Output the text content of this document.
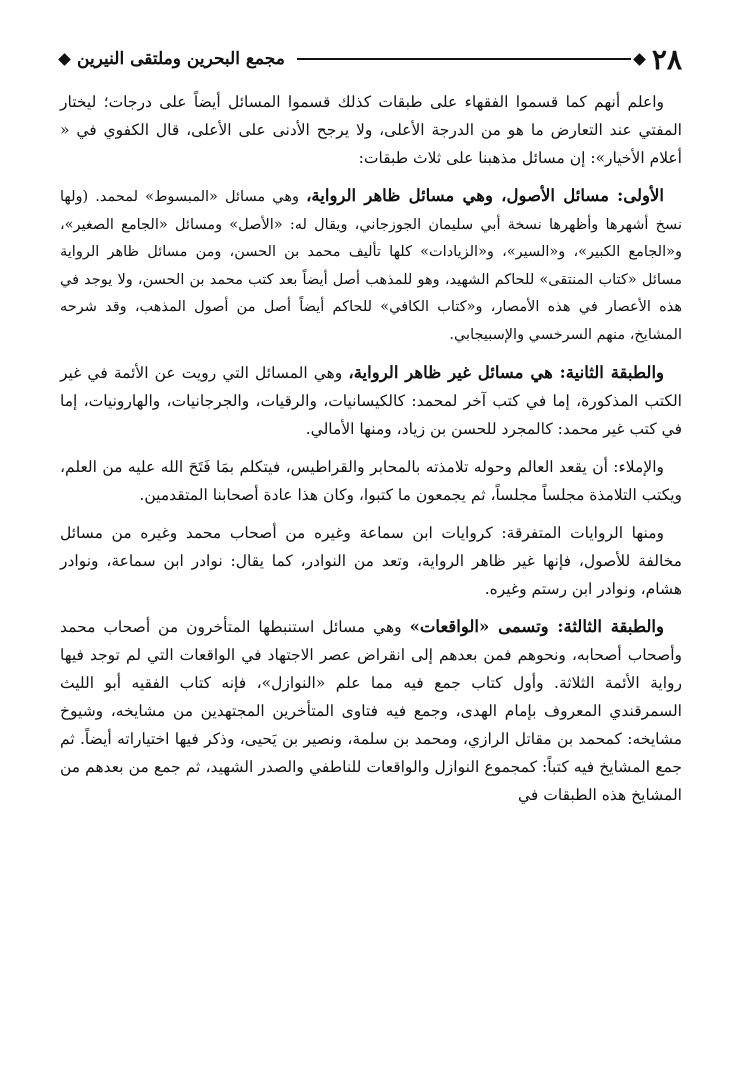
٢٨
مجمع البحرين وملتقى النيرين

واعلم أنهم كما قسموا الفقهاء على طبقات كذلك قسموا المسائل أيضاً على درجات؛ ليختار المفتي عند التعارض ما هو من الدرجة الأعلى، ولا يرجح الأدنى على الأعلى، قال الكفوي في « أعلام الأخيار»: إن مسائل مذهبنا على ثلاث طبقات:

الأولى: مسائل الأصول، وهي مسائل ظاهر الرواية، وهي مسائل «المبسوط» لمحمد. (ولها نسخ أشهرها وأظهرها نسخة أبي سليمان الجوزجاني، ويقال له: «الأصل» ومسائل «الجامع الصغير»، و«الجامع الكبير»، و«السير»، و«الزيادات» كلها تأليف محمد بن الحسن، ومن مسائل ظاهر الرواية مسائل «كتاب المنتقى» للحاكم الشهيد، وهو للمذهب أصل أيضاً بعد كتب محمد بن الحسن، ولا يوجد في هذه الأعصار في هذه الأمصار، و«كتاب الكافي» للحاكم أيضاً أصل من أصول المذهب، وقد شرحه المشايخ، منهم السرخسي والإسبيجابي.

والطبقة الثانية: هي مسائل غير ظاهر الرواية، وهي المسائل التي رويت عن الأئمة في غير الكتب المذكورة، إما في كتب آخر لمحمد: كالكيسانيات، والرقيات، والجرجانيات، والهارونيات، إما في كتب غير محمد: كالمجرد للحسن بن زياد، ومنها الأمالي.

والإملاء: أن يقعد العالم وحوله تلامذته بالمحابر والقراطيس، فيتكلم بمَا فَتَحَ الله عليه من العلم، ويكتب التلامذة مجلساً مجلساً، ثم يجمعون ما كتبوا، وكان هذا عادة أصحابنا المتقدمين.

ومنها الروايات المتفرقة: كروايات ابن سماعة وغيره من أصحاب محمد وغيره من مسائل مخالفة للأصول، فإنها غير ظاهر الرواية، وتعد من النوادر، كما يقال: نوادر ابن سماعة، ونوادر هشام، ونوادر ابن رستم وغيره.

والطبقة الثالثة: وتسمى «الواقعات» وهي مسائل استنبطها المتأخرون من أصحاب محمد وأصحاب أصحابه، ونحوهم فمن بعدهم إلى انقراض عصر الاجتهاد في الواقعات التي لم توجد فيها رواية الأئمة الثلاثة. وأول كتاب جمع فيه مما علم «النوازل»، فإنه كتاب الفقيه أبو الليث السمرقندي المعروف بإمام الهدى، وجمع فيه فتاوى المتأخرين المجتهدين من مشايخه، وشيوخ مشايخه: كمحمد بن مقاتل الرازي، ومحمد بن سلمة، ونصير بن يَحيى، وذكر فيها اختياراته أيضاً. ثم جمع المشايخ فيه كتباً: كمجموع النوازل والواقعات للناطفي والصدر الشهيد، ثم جمع من بعدهم من المشايخ هذه الطبقات في
